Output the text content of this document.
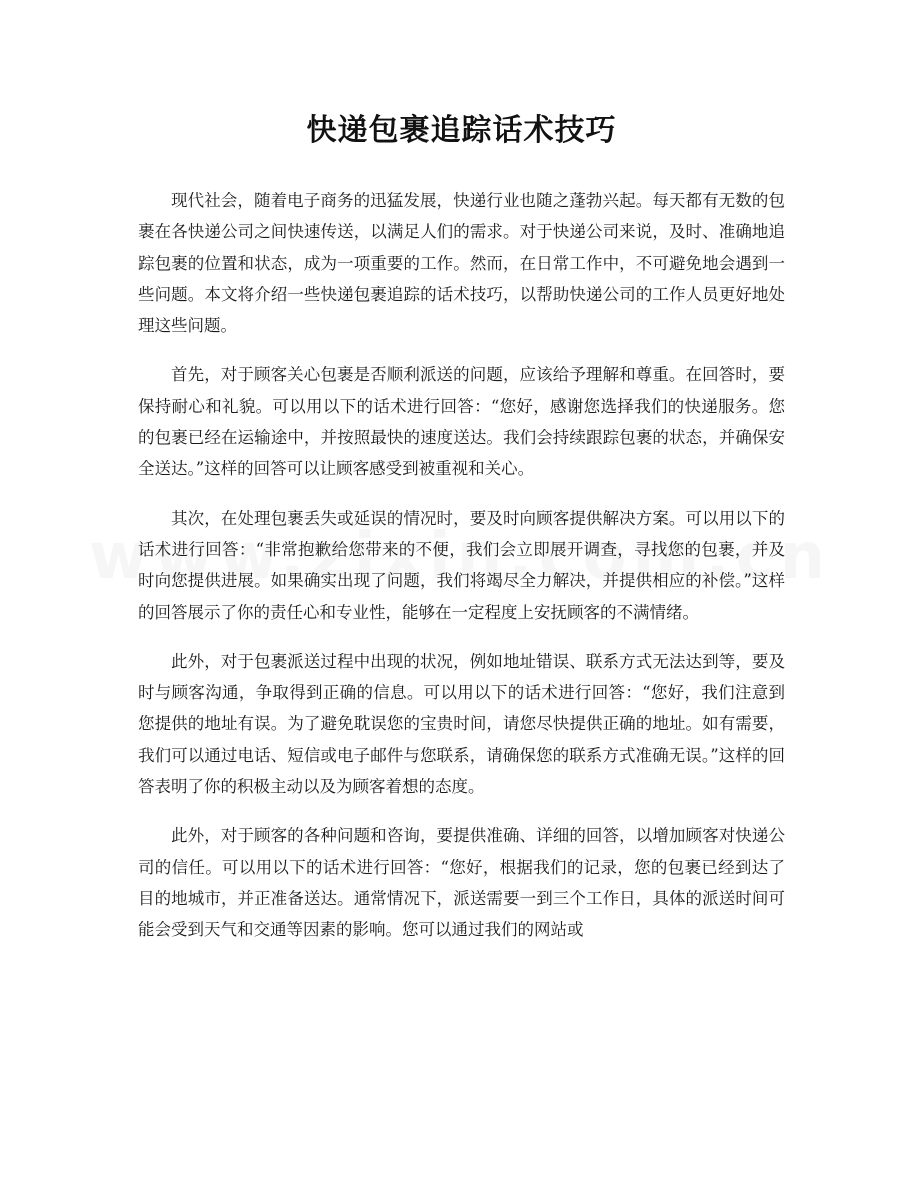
快递包裹追踪话术技巧

现代社会，随着电子商务的迅猛发展，快递行业也随之蓬勃兴起。每天都有无数的包裹在各快递公司之间快速传送，以满足人们的需求。对于快递公司来说，及时、准确地追踪包裹的位置和状态，成为一项重要的工作。然而，在日常工作中，不可避免地会遇到一些问题。本文将介绍一些快递包裹追踪的话术技巧，以帮助快递公司的工作人员更好地处理这些问题。

首先，对于顾客关心包裹是否顺利派送的问题，应该给予理解和尊重。在回答时，要保持耐心和礼貌。可以用以下的话术进行回答：“您好，感谢您选择我们的快递服务。您的包裹已经在运输途中，并按照最快的速度送达。我们会持续跟踪包裹的状态，并确保安全送达。”这样的回答可以让顾客感受到被重视和关心。

其次，在处理包裹丢失或延误的情况时，要及时向顾客提供解决方案。可以用以下的话术进行回答：“非常抱歉给您带来的不便，我们会立即展开调查，寻找您的包裹，并及时向您提供进展。如果确实出现了问题，我们将竭尽全力解决，并提供相应的补偿。”这样的回答展示了你的责任心和专业性，能够在一定程度上安抚顾客的不满情绪。

此外，对于包裹派送过程中出现的状况，例如地址错误、联系方式无法达到等，要及时与顾客沟通，争取得到正确的信息。可以用以下的话术进行回答：“您好，我们注意到您提供的地址有误。为了避免耽误您的宝贵时间，请您尽快提供正确的地址。如有需要，我们可以通过电话、短信或电子邮件与您联系，请确保您的联系方式准确无误。”这样的回答表明了你的积极主动以及为顾客着想的态度。

此外，对于顾客的各种问题和咨询，要提供准确、详细的回答，以增加顾客对快递公司的信任。可以用以下的话术进行回答：“您好，根据我们的记录，您的包裹已经到达了目的地城市，并正准备送达。通常情况下，派送需要一到三个工作日，具体的派送时间可能会受到天气和交通等因素的影响。您可以通过我们的网站或
